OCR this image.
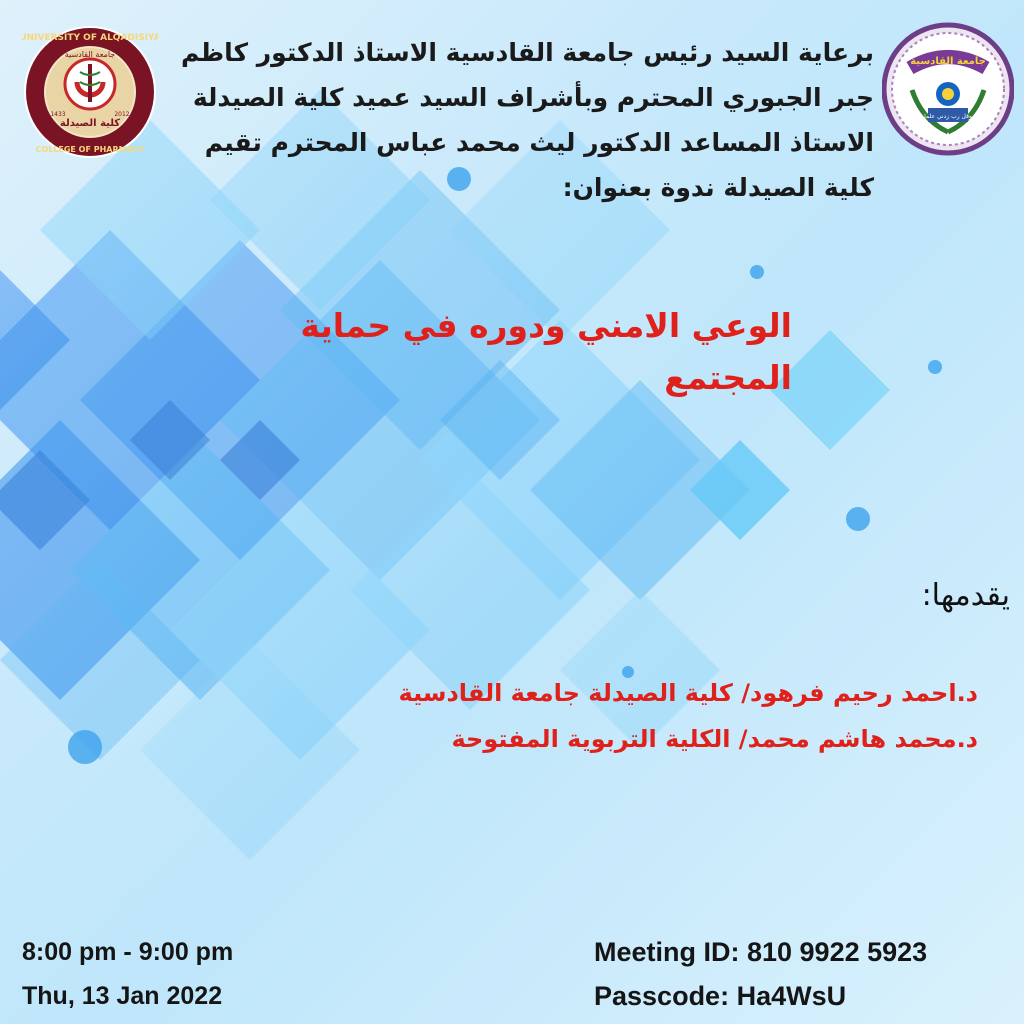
UNIVERSITY OF ALQADISIYA
COLLEGE OF PHARMACY
جامعة القادسية
كلية الصيدلة
1433	2012
جامعة القادسية
وقل رب زدني علما
برعاية السيد رئيس جامعة القادسية الاستاذ الدكتور كاظم
جبر الجبوري المحترم وبأشراف السيد عميد كلية الصيدلة
الاستاذ المساعد الدكتور ليث محمد عباس المحترم تقيم
كلية الصيدلة ندوة بعنوان:
الوعي الامني ودوره في حماية
المجتمع
يقدمها:
د.احمد رحيم فرهود/ كلية الصيدلة جامعة القادسية
د.محمد هاشم محمد/ الكلية التربوية المفتوحة
8:00 pm - 9:00 pm
Thu, 13 Jan 2022
Meeting ID: 810 9922 5923
Passcode: Ha4WsU
